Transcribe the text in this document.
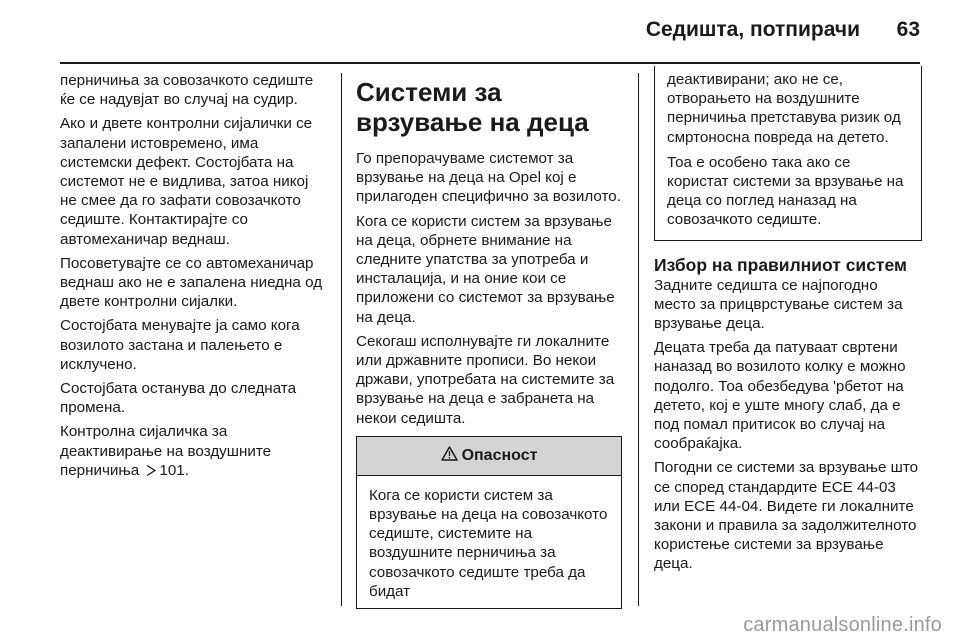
Седишта, потпирачи	63

перничиња за совозачкото седиште ќе се надувјат во случај на судир.

Ако и двете контролни сијалички се запалени истовремено, има системски дефект. Состојбата на системот не е видлива, затоа никој не смее да го зафати совозачкото седиште. Контактирајте со автомеханичар веднаш.

Посоветувајте се со автомеханичар веднаш ако не е запалена ниедна од двете контролни сијалки.

Состојбата менувајте ја само кога возилото застана и палењето е исклучено.

Состојбата останува до следната промена.

Контролна сијаличка за деактивирање на воздушните перничиња 101.

Системи за врзување на деца

Го препорачуваме системот за врзување на деца на Opel кој е прилагоден специфично за возилото.

Кога се користи систем за врзување на деца, обрнете внимание на следните упатства за употреба и инсталација, и на оние кои се приложени со системот за врзување на деца.

Секогаш исполнувајте ги локалните или државните прописи. Во некои држави, употребата на системите за врзување на деца е забранета на некои седишта.

Опасност

Кога се користи систем за врзување на деца на совозачкото седиште, системите на воздушните перничиња за совозачкото седиште треба да бидат

деактивирани; ако не се, отворањето на воздушните перничиња претставува ризик од смртоносна повреда на детето.

Тоа е особено така ако се користат системи за врзување на деца со поглед наназад на совозачкото седиште.

Избор на правилниот систем

Задните седишта се најпогодно место за прицврстување систем за врзување деца.

Децата треба да патуваат свртени наназад во возилото колку е можно подолго. Тоа обезбедува 'рбетот на детето, кој е уште многу слаб, да е под помал притисок во случај на сообраќајка.

Погодни се системи за врзување што се според стандардите ECE 44-03 или ECE 44-04. Видете ги локалните закони и правила за задолжителното користење системи за врзување деца.

carmanualsonline.info
